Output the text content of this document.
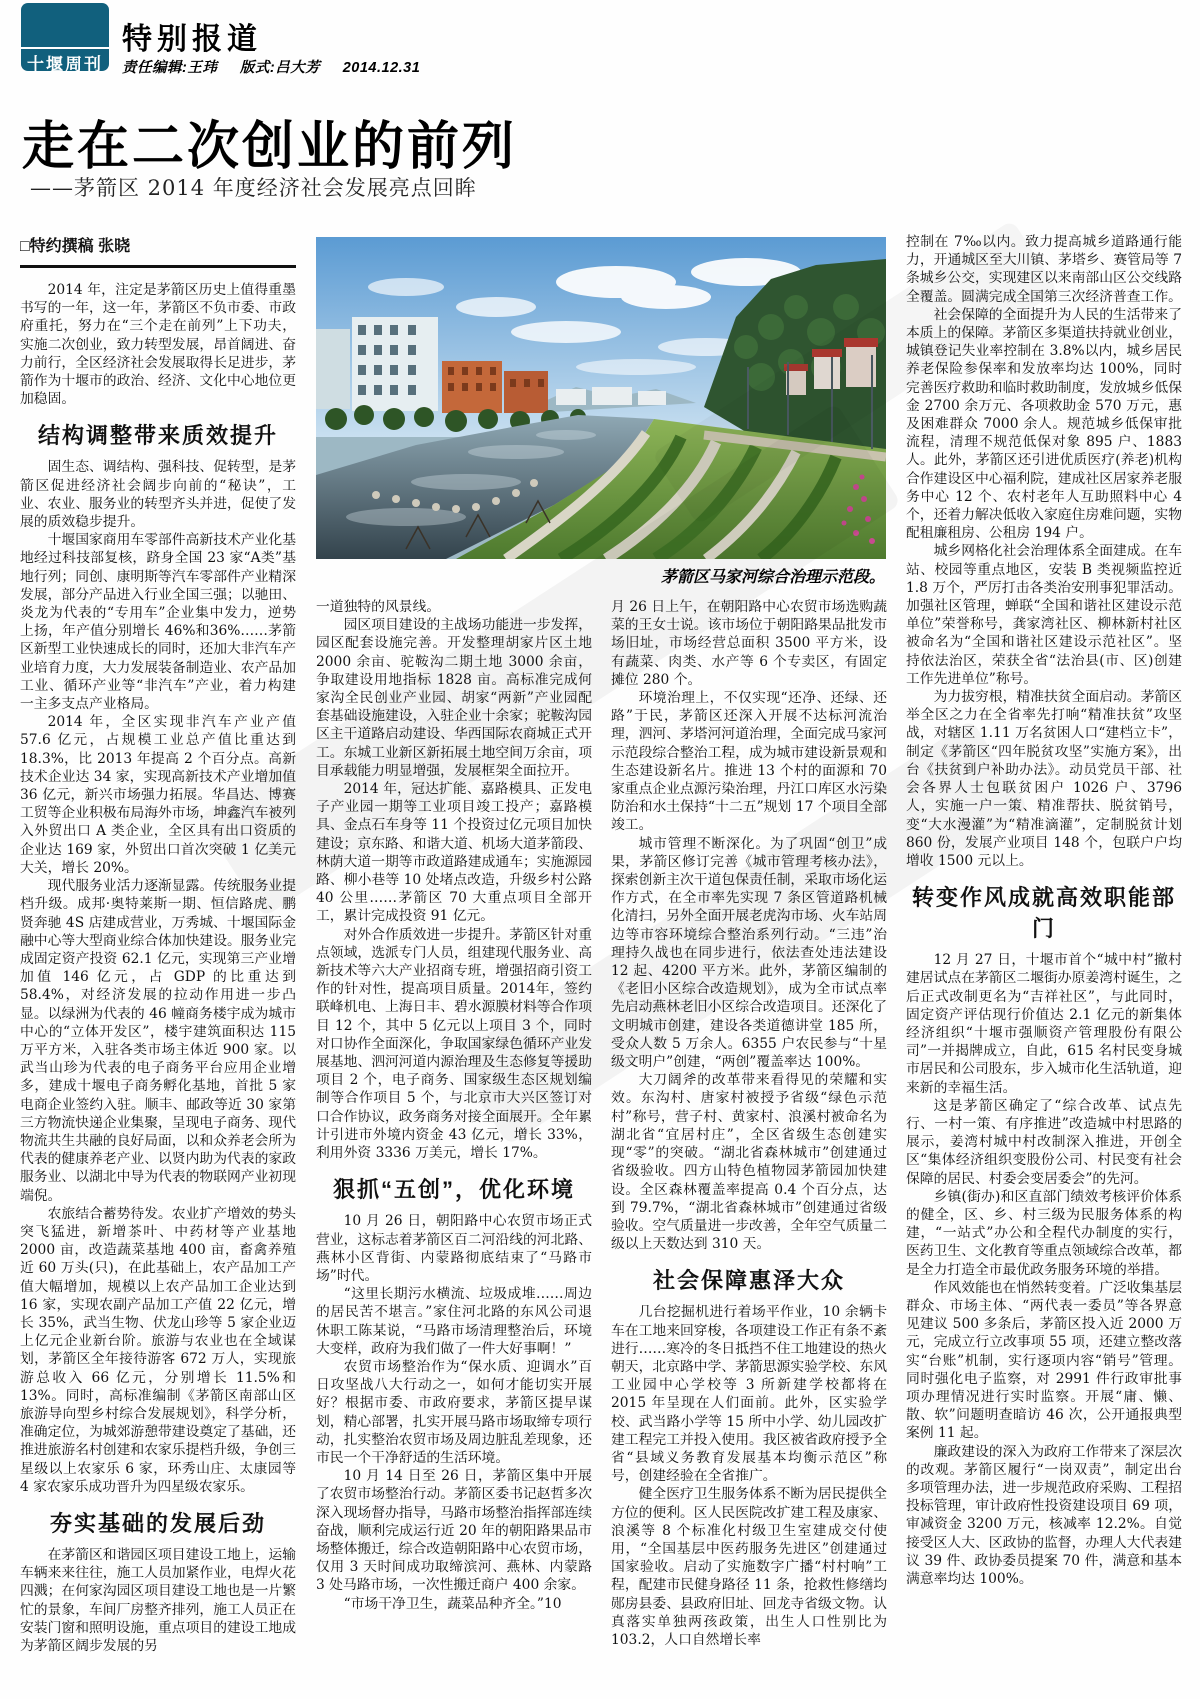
十堰周刊
特别报道
责任编辑:王玮 版式:吕大芳 2014.12.31
走在二次创业的前列
——茅箭区 2014 年度经济社会发展亮点回眸
茅箭区马家河综合治理示范段。
□特约撰稿 张晓

2014 年，注定是茅箭区历史上值得重墨书写的一年，这一年，茅箭区不负市委、市政府重托，努力在“三个走在前列”上下功夫，实施二次创业，致力转型发展，昂首阔进、奋力前行，全区经济社会发展取得长足进步，茅箭作为十堰市的政治、经济、文化中心地位更加稳固。

结构调整带来质效提升

固生态、调结构、强科技、促转型，是茅箭区促进经济社会阔步向前的“秘诀”，工业、农业、服务业的转型齐头并进，促使了发展的质效稳步提升。

十堰国家商用车零部件高新技术产业化基地经过科技部复核，跻身全国 23 家“A类”基地行列；同创、康明斯等汽车零部件产业精深发展，部分产品进入行业全国三强；以驰田、炎龙为代表的“专用车”企业集中发力，逆势上扬，年产值分别增长 46%和36%……茅箭区新型工业快速成长的同时，还加大非汽车产业培育力度，大力发展装备制造业、农产品加工业、循环产业等“非汽车”产业，着力构建一主多支点产业格局。

2014 年，全区实现非汽车产业产值 57.6 亿元，占规模工业总产值比重达到 18.3%，比 2013 年提高 2 个百分点。高新技术企业达 34 家，实现高新技术产业增加值 36 亿元，新兴市场强力拓展。华昌达、博赛工贸等企业积极布局海外市场，坤鑫汽车被列入外贸出口 A 类企业，全区具有出口资质的企业达 169 家，外贸出口首次突破 1 亿美元大关，增长 20%。

现代服务业活力逐渐显露。传统服务业提档升级。成邦·奥特莱斯一期、恒信路虎、鹏贤奔驰 4S 店建成营业，万秀城、十堰国际金融中心等大型商业综合体加快建设。服务业完成固定资产投资 62.1 亿元，实现第三产业增加值 146 亿元，占 GDP 的比重达到 58.4%，对经济发展的拉动作用进一步凸显。以绿洲为代表的 46 幢商务楼宇成为城市中心的“立体开发区”，楼宇建筑面积达 115 万平方米，入驻各类市场主体近 900 家。以武当山珍为代表的电子商务平台应用企业增多，建成十堰电子商务孵化基地，首批 5 家电商企业签约入驻。顺丰、邮政等近 30 家第三方物流快递企业集聚，呈现电子商务、现代物流共生共融的良好局面，以和众养老会所为代表的健康养老产业、以贤内助为代表的家政服务业、以湖北中导为代表的物联网产业初现端倪。

农旅结合蓄势待发。农业扩产增效的势头突飞猛进，新增茶叶、中药材等产业基地 2000 亩，改造蔬菜基地 400 亩，畜禽养殖近 60 万头(只)，在此基础上，农产品加工产值大幅增加，规模以上农产品加工企业达到 16 家，实现农副产品加工产值 22 亿元，增长 35%，武当生物、伏龙山珍等 5 家企业迈上亿元企业新台阶。旅游与农业也在全域谋划，茅箭区全年接待游客 672 万人，实现旅游总收入 66 亿元，分别增长 11.5%和 13%。同时，高标准编制《茅箭区南部山区旅游导向型乡村综合发展规划》，科学分析，准确定位，为城郊游憩带建设奠定了基础，还推进旅游名村创建和农家乐提档升级，争创三星级以上农家乐 6 家，环秀山庄、太康园等 4 家农家乐成功晋升为四星级农家乐。

夯实基础的发展后劲

在茅箭区和谐园区项目建设工地上，运输车辆来来往往，施工人员加紧作业，电焊火花四溅；在何家沟园区项目建设工地也是一片繁忙的景象，车间厂房整齐排列，施工人员正在安装门窗和照明设施，重点项目的建设工地成为茅箭区阔步发展的另

一道独特的风景线。

园区项目建设的主战场功能进一步发挥，园区配套设施完善。开发整理胡家片区土地 2000 余亩、驼鞍沟二期土地 3000 余亩，争取建设用地指标 1828 亩。高标准完成何家沟全民创业产业园、胡家“两新”产业园配套基础设施建设，入驻企业十余家；驼鞍沟园区主干道路启动建设、华西国际农商城正式开工。东城工业新区新拓展土地空间万余亩，项目承载能力明显增强，发展框架全面拉开。

2014 年，冠达扩能、嘉路模具、正发电子产业园一期等工业项目竣工投产；嘉路模具、金点石车身等 11 个投资过亿元项目加快建设；京东路、和谐大道、机场大道茅箭段、林荫大道一期等市政道路建成通车；实施源园路、柳小巷等 10 处堵点改造，升级乡村公路 40 公里……茅箭区 70 大重点项目全部开工，累计完成投资 91 亿元。

对外合作质效进一步提升。茅箭区针对重点领域，选派专门人员，组建现代服务业、高新技术等六大产业招商专班，增强招商引资工作的针对性，提高项目质量。2014年，签约联峰机电、上海日丰、碧水源膜材料等合作项目 12 个，其中 5 亿元以上项目 3 个，同时对口协作全面深化，争取国家绿色循环产业发展基地、泗河河道内源治理及生态修复等援助项目 2 个，电子商务、国家级生态区规划编制等合作项目 5 个，与北京市大兴区签订对口合作协议，政务商务对接全面展开。全年累计引进市外境内资金 43 亿元，增长 33%，利用外资 3336 万美元，增长 17%。

狠抓“五创”，优化环境

10 月 26 日，朝阳路中心农贸市场正式营业，这标志着茅箭区百二河沿线的河北路、燕林小区背街、内蒙路彻底结束了“马路市场”时代。

“这里长期污水横流、垃圾成堆……周边的居民苦不堪言。”家住河北路的东风公司退休职工陈某说，“马路市场清理整治后，环境大变样，政府为我们做了一件大好事啊！”

农贸市场整治作为“保水质、迎调水”百日攻坚战八大行动之一，如何才能切实开展好？根据市委、市政府要求，茅箭区提早谋划，精心部署，扎实开展马路市场取缔专项行动，扎实整治农贸市场及周边脏乱差现象，还市民一个干净舒适的生活环境。

10 月 14 日至 26 日，茅箭区集中开展了农贸市场整治行动。茅箭区委书记赵哲多次深入现场督办指导，马路市场整治指挥部连续奋战，顺利完成运行近 20 年的朝阳路果品市场整体搬迁，综合改造朝阳路中心农贸市场，仅用 3 天时间成功取缔滨河、燕林、内蒙路 3 处马路市场，一次性搬迁商户 400 余家。

“市场干净卫生，蔬菜品种齐全。”10

月 26 日上午，在朝阳路中心农贸市场选购蔬菜的王女士说。该市场位于朝阳路果品批发市场旧址，市场经营总面积 3500 平方米，设有蔬菜、肉类、水产等 6 个专卖区，有固定摊位 280 个。

环境治理上，不仅实现“还净、还绿、还路”于民，茅箭区还深入开展不达标河流治理，泗河、茅塔河河道治理，全面完成马家河示范段综合整治工程，成为城市建设新景观和生态建设新名片。推进 13 个村的面源和 70 家重点企业点源污染治理，丹江口库区水污染防治和水土保持“十二五”规划 17 个项目全部竣工。

城市管理不断深化。为了巩固“创卫”成果，茅箭区修订完善《城市管理考核办法》，探索创新主次干道包保责任制，采取市场化运作方式，在全市率先实现 7 条区管道路机械化清扫，另外全面开展老虎沟市场、火车站周边等市容环境综合整治系列行动。“三违”治理持久战也在同步进行，依法查处违法建设 12 起、4200 平方米。此外，茅箭区编制的《老旧小区综合改造规划》，成为全市试点率先启动燕林老旧小区综合改造项目。还深化了文明城市创建，建设各类道德讲堂 185 所，受众人数 5 万余人。6355 户农民参与“十星级文明户”创建，“两创”覆盖率达 100%。

大刀阔斧的改革带来看得见的荣耀和实效。东沟村、唐家村被授予省级“绿色示范村”称号，营子村、黄家村、浪溪村被命名为湖北省“宜居村庄”，全区省级生态创建实现“零”的突破。“湖北省森林城市”创建通过省级验收。四方山特色植物园茅箭园加快建设。全区森林覆盖率提高 0.4 个百分点，达到 79.7%，“湖北省森林城市”创建通过省级验收。空气质量进一步改善，全年空气质量二级以上天数达到 310 天。

社会保障惠泽大众

几台挖掘机进行着场平作业，10 余辆卡车在工地来回穿梭，各项建设工作正有条不紊进行……寒冷的冬日抵挡不住工地建设的热火朝天，北京路中学、茅箭思源实验学校、东风工业园中心学校等 3 所新建学校都将在 2015 年呈现在人们面前。此外，区实验学校、武当路小学等 15 所中小学、幼儿园改扩建工程完工并投入使用。我区被省政府授予全省“县域义务教育发展基本均衡示范区”称号，创建经验在全省推广。

健全医疗卫生服务体系不断为居民提供全方位的便利。区人民医院改扩建工程及康家、浪溪等 8 个标准化村级卫生室建成交付使用，“全国基层中医药服务先进区”创建通过国家验收。启动了实施数字广播“村村响”工程，配建市民健身路径 11 条，抢救性修缮均郧房县委、县政府旧址、回龙寺省级文物。认真落实单独两孩政策，出生人口性别比为 103.2，人口自然增长率

控制在 7‰以内。致力提高城乡道路通行能力，开通城区至大川镇、茅塔乡、赛管局等 7 条城乡公交，实现建区以来南部山区公交线路全覆盖。圆满完成全国第三次经济普查工作。

社会保障的全面提升为人民的生活带来了本质上的保障。茅箭区多渠道扶持就业创业，城镇登记失业率控制在 3.8%以内，城乡居民养老保险参保率和发放率均达 100%，同时完善医疗救助和临时救助制度，发放城乡低保金 2700 余万元、各项救助金 570 万元，惠及困难群众 7000 余人。规范城乡低保审批流程，清理不规范低保对象 895 户、1883 人。此外，茅箭区还引进优质医疗(养老)机构合作建设区中心福利院，建成社区居家养老服务中心 12 个、农村老年人互助照料中心 4 个，还着力解决低收入家庭住房难问题，实物配租廉租房、公租房 194 户。

城乡网格化社会治理体系全面建成。在车站、校园等重点地区，安装 B 类视频监控近 1.8 万个，严厉打击各类治安刑事犯罪活动。加强社区管理，蝉联“全国和谐社区建设示范单位”荣誉称号，龚家湾社区、柳林新村社区被命名为“全国和谐社区建设示范社区”。坚持依法治区，荣获全省“法治县(市、区)创建工作先进单位”称号。

为力拔穷根，精准扶贫全面启动。茅箭区举全区之力在全省率先打响“精准扶贫”攻坚战，对辖区 1.11 万名贫困人口“建档立卡”，制定《茅箭区“四年脱贫攻坚”实施方案》，出台《扶贫到户补助办法》。动员党员干部、社会各界人士包联贫困户 1026 户、3796 人，实施一户一策、精准帮扶、脱贫销号，变“大水漫灌”为“精准滴灌”，定制脱贫计划 860 份，发展产业项目 148 个，包联户户均增收 1500 元以上。

转变作风成就高效职能部门

12 月 27 日，十堰市首个“城中村”撤村建居试点在茅箭区二堰街办原姜湾村诞生，之后正式改制更名为“吉祥社区”，与此同时，固定资产评估现行价值达 2.1 亿元的新集体经济组织“十堰市强顺资产管理股份有限公司”一并揭牌成立，自此，615 名村民变身城市居民和公司股东，步入城市化生活轨道，迎来新的幸福生活。

这是茅箭区确定了“综合改革、试点先行、一村一策、有序推进”改造城中村思路的展示，姜湾村城中村改制深入推进，开创全区“集体经济组织变股份公司、村民变有社会保障的居民、村委会变居委会”的先河。

乡镇(街办)和区直部门绩效考核评价体系的健全，区、乡、村三级为民服务体系的构建，“一站式”办公和全程代办制度的实行，医药卫生、文化教育等重点领域综合改革，都是全力打造全市最优政务服务环境的举措。

作风效能也在悄然转变着。广泛收集基层群众、市场主体、“两代表一委员”等各界意见建议 500 多条后，茅箭区投入近 2000 万元，完成立行立改事项 55 项，还建立整改落实“台账”机制，实行逐项内容“销号”管理。同时强化电子监察，对 2991 件行政审批事项办理情况进行实时监察。开展“庸、懒、散、软”问题明查暗访 46 次，公开通报典型案例 11 起。

廉政建设的深入为政府工作带来了深层次的改观。茅箭区履行“一岗双责”，制定出台多项管理办法，进一步规范政府采购、工程招投标管理，审计政府性投资建设项目 69 项，审减资金 3200 万元，核减率 12.2%。自觉接受区人大、区政协的监督，办理人大代表建议 39 件、政协委员提案 70 件，满意和基本满意率均达 100%。
